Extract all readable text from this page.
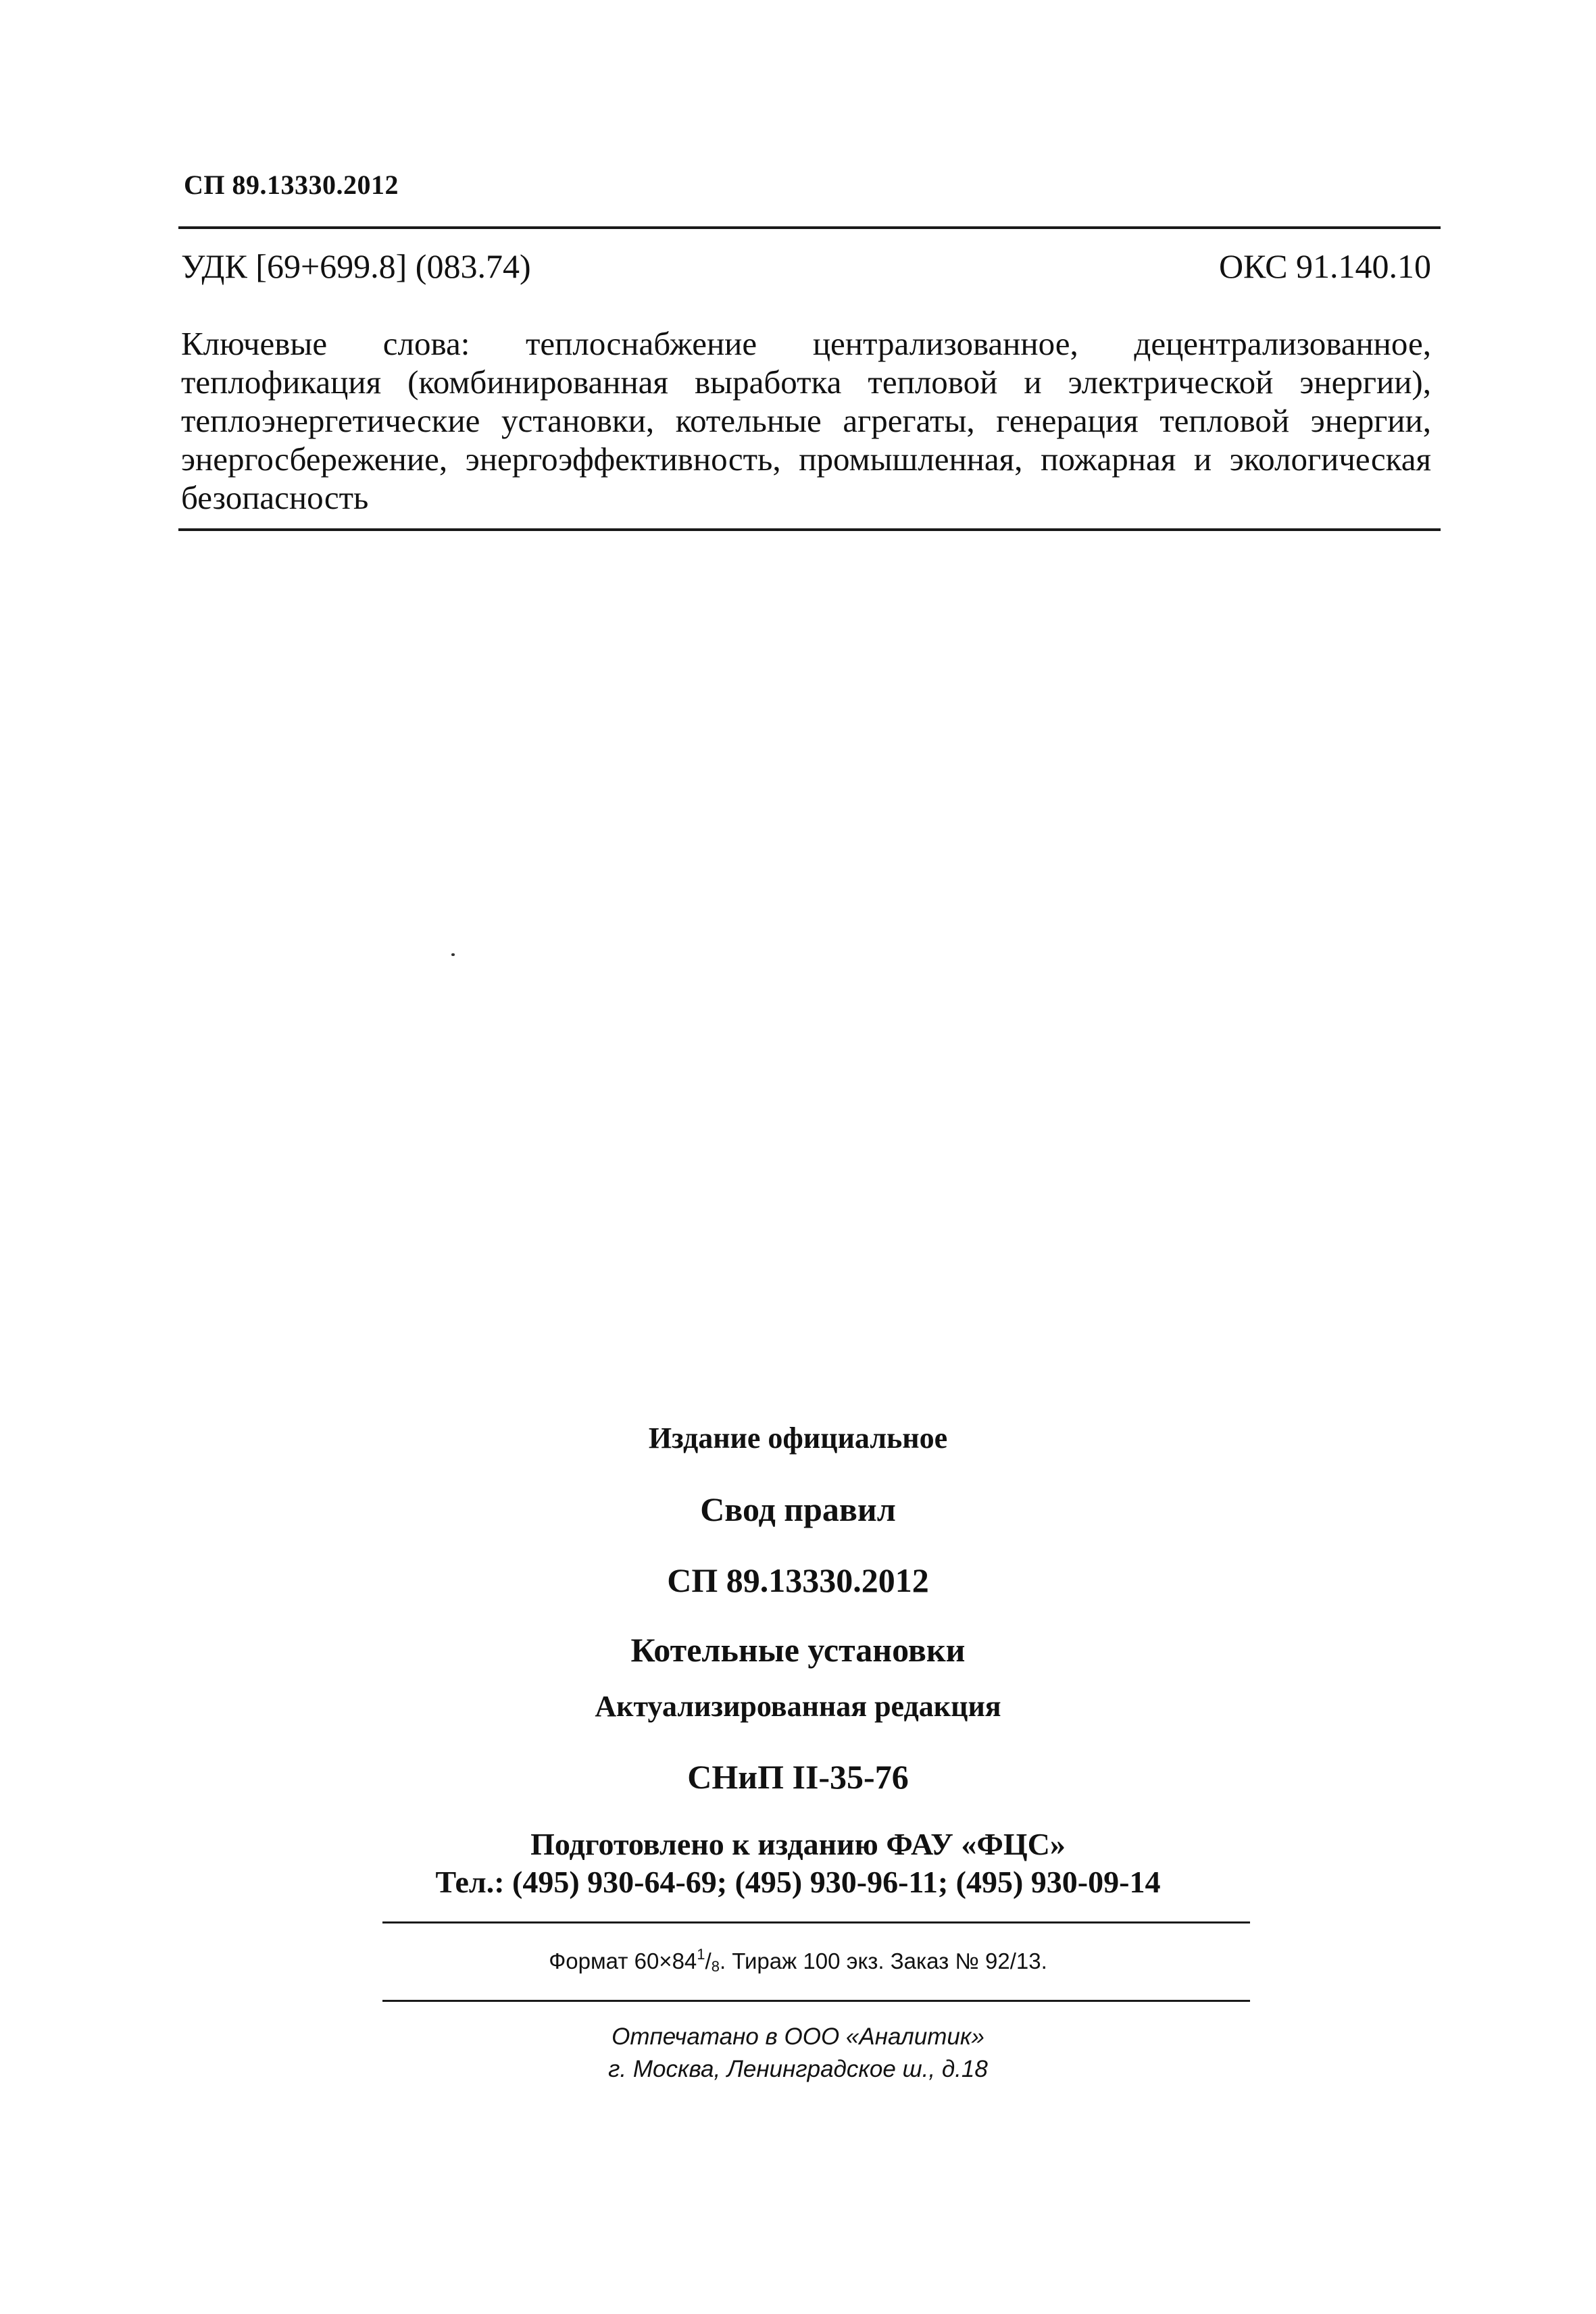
СП 89.13330.2012
УДК [69+699.8] (083.74)	ОКС 91.140.10
Ключевые слова: теплоснабжение централизованное, децентрализованное, теплофикация (комбинированная выработка тепловой и электрической энергии), теплоэнергетические установки, котельные агрегаты, генерация тепловой энергии, энергосбережение, энергоэффективность, промышленная, пожарная и экологическая безопасность
Издание официальное
Свод правил
СП 89.13330.2012
Котельные установки
Актуализированная редакция
СНиП II-35-76
Подготовлено к изданию ФАУ «ФЦС»
Тел.: (495) 930-64-69; (495) 930-96-11; (495) 930-09-14
Формат $60\times 84^1/_8$. Тираж 100 экз. Заказ № 92/13.
Отпечатано в ООО «Аналитик»
г. Москва, Ленинградское ш., д.18
